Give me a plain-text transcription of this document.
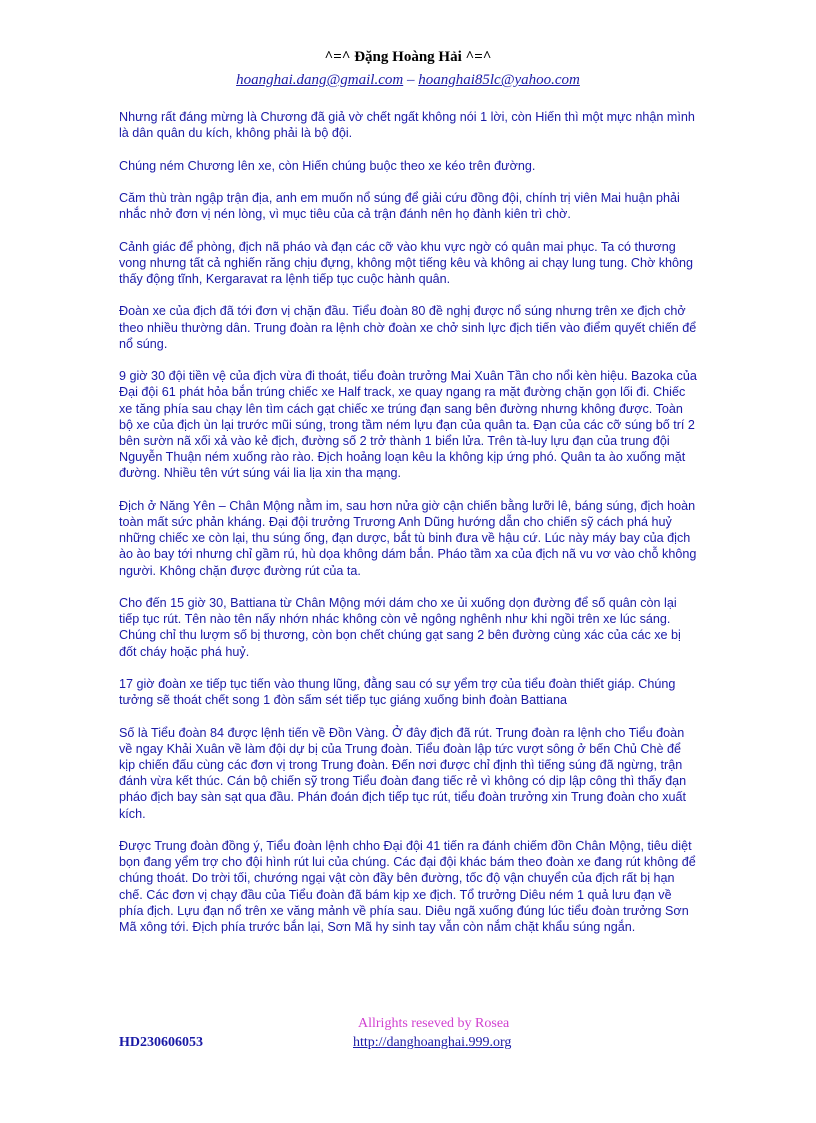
^=^ Đặng Hoàng Hải ^=^
hoanghai.dang@gmail.com – hoanghai85lc@yahoo.com

Nhưng rất đáng mừng là Chương đã giả vờ chết ngất không nói 1 lời, còn Hiến thì một mực nhận mình là dân quân du kích, không phải là bộ đội.

Chúng ném Chương lên xe, còn Hiến chúng buộc theo xe kéo trên đường.

Căm thù tràn ngập trận địa, anh em muốn nổ súng để giải cứu đồng đội, chính trị viên Mai huận phải nhắc nhở đơn vị nén lòng, vì mục tiêu của cả trận đánh nên họ đành kiên trì chờ.

Cảnh giác để phòng, địch nã pháo và đạn các cỡ vào khu vực ngờ có quân mai phục. Ta có thương vong nhưng tất cả nghiến răng chịu đựng, không một tiếng kêu và không ai chạy lung tung. Chờ không thấy động tĩnh, Kergaravat ra lệnh tiếp tục cuộc hành quân.

Đoàn xe của địch đã tới đơn vị chặn đầu. Tiểu đoàn 80 đề nghị được nổ súng nhưng trên xe địch chở theo nhiều thường dân. Trung đoàn ra lệnh chờ đoàn xe chở sinh lực địch tiến vào điểm quyết chiến để nổ súng.

9 giờ 30 đội tiền vệ của địch vừa đi thoát, tiểu đoàn trưởng Mai Xuân Tần cho nổi kèn hiệu. Bazoka của Đại đội 61 phát hỏa bắn trúng chiếc xe Half track, xe quay ngang ra mặt đường chặn gọn lối đi. Chiếc xe tăng phía sau chạy lên tìm cách gạt chiếc xe trúng đạn sang bên đường nhưng không được. Toàn bộ xe của địch ùn lại trước mũi súng, trong tầm ném lựu đạn của quân ta. Đạn của các cỡ súng bố trí 2 bên sườn nã xối xả vào kẻ địch, đường số 2 trở thành 1 biển lửa. Trên tà-luy lựu đạn của trung đội Nguyễn Thuận ném xuống rào rào. Địch hoảng loạn kêu la không kịp ứng phó. Quân ta ào xuống mặt đường. Nhiều tên vứt súng vái lia lịa xin tha mạng.

Địch ở Năng Yên – Chân Mộng nằm im, sau hơn nửa giờ cận chiến bằng lưỡi lê, báng súng, địch hoàn toàn mất sức phản kháng. Đại đội trưởng Trương Anh Dũng hướng dẫn cho chiến sỹ cách phá huỷ những chiếc xe còn lại, thu súng ống, đạn dược, bắt tù binh đưa về hậu cứ. Lúc này máy bay của địch ào ào bay tới nhưng chỉ gầm rú, hù dọa không dám bắn. Pháo tầm xa của địch nã vu vơ vào chỗ không người. Không chặn được đường rút của ta.

Cho đến 15 giờ 30, Battiana từ Chân Mộng mới dám cho xe ủi xuống dọn đường để số quân còn lại tiếp tục rút. Tên nào tên nấy nhớn nhác không còn vẻ ngông nghênh như khi ngồi trên xe lúc sáng. Chúng chỉ thu lượm số bị thương, còn bọn chết chúng gạt sang 2 bên đường cùng xác của các xe bị đốt cháy hoặc phá huỷ.

17 giờ đoàn xe tiếp tục tiến vào thung lũng, đằng sau có sự yểm trợ của tiểu đoàn thiết giáp. Chúng tưởng sẽ thoát chết song 1 đòn sấm sét tiếp tục giáng xuống binh đoàn Battiana

Số là Tiểu đoàn 84 được lệnh tiến về Đồn Vàng. Ở đây địch đã rút. Trung đoàn ra lệnh cho Tiểu đoàn về ngay Khải Xuân về làm đội dự bị của Trung đoàn. Tiểu đoàn lập tức vượt sông ở bến Chủ Chè để kịp chiến đấu cùng các đơn vị trong Trung đoàn. Đến nơi được chỉ định thì tiếng súng đã ngừng, trận đánh vừa kết thúc. Cán bộ chiến sỹ trong Tiểu đoàn đang tiếc rẻ vì không có dịp lập công thì thấy đạn pháo địch bay sàn sạt qua đầu. Phán đoán địch tiếp tục rút, tiểu đoàn trưởng xin Trung đoàn cho xuất kích.

Được Trung đoàn đồng ý, Tiểu đoàn lệnh chho Đại đội 41 tiến ra đánh chiếm đồn Chân Mộng, tiêu diệt bọn đang yểm trợ cho đội hình rút lui của chúng. Các đại đội khác bám theo đoàn xe đang rút không để chúng thoát. Do trời tối, chướng ngại vật còn đầy bên đường, tốc độ vận chuyển của địch rất bị hạn chế. Các đơn vị chạy đầu của Tiểu đoàn đã bám kịp xe địch. Tổ trưởng Diêu ném 1 quả lưu đạn về phía địch. Lựu đạn nổ trên xe văng mảnh về phía sau. Diêu ngã xuống đúng lúc tiểu đoàn trưởng Sơn Mã xông tới. Địch phía trước bắn lại, Sơn Mã hy sinh tay vẫn còn nắm chặt khẩu súng ngắn.

Allrights reseved by Rosea
HD230606053	http://danghoanghai.999.org
